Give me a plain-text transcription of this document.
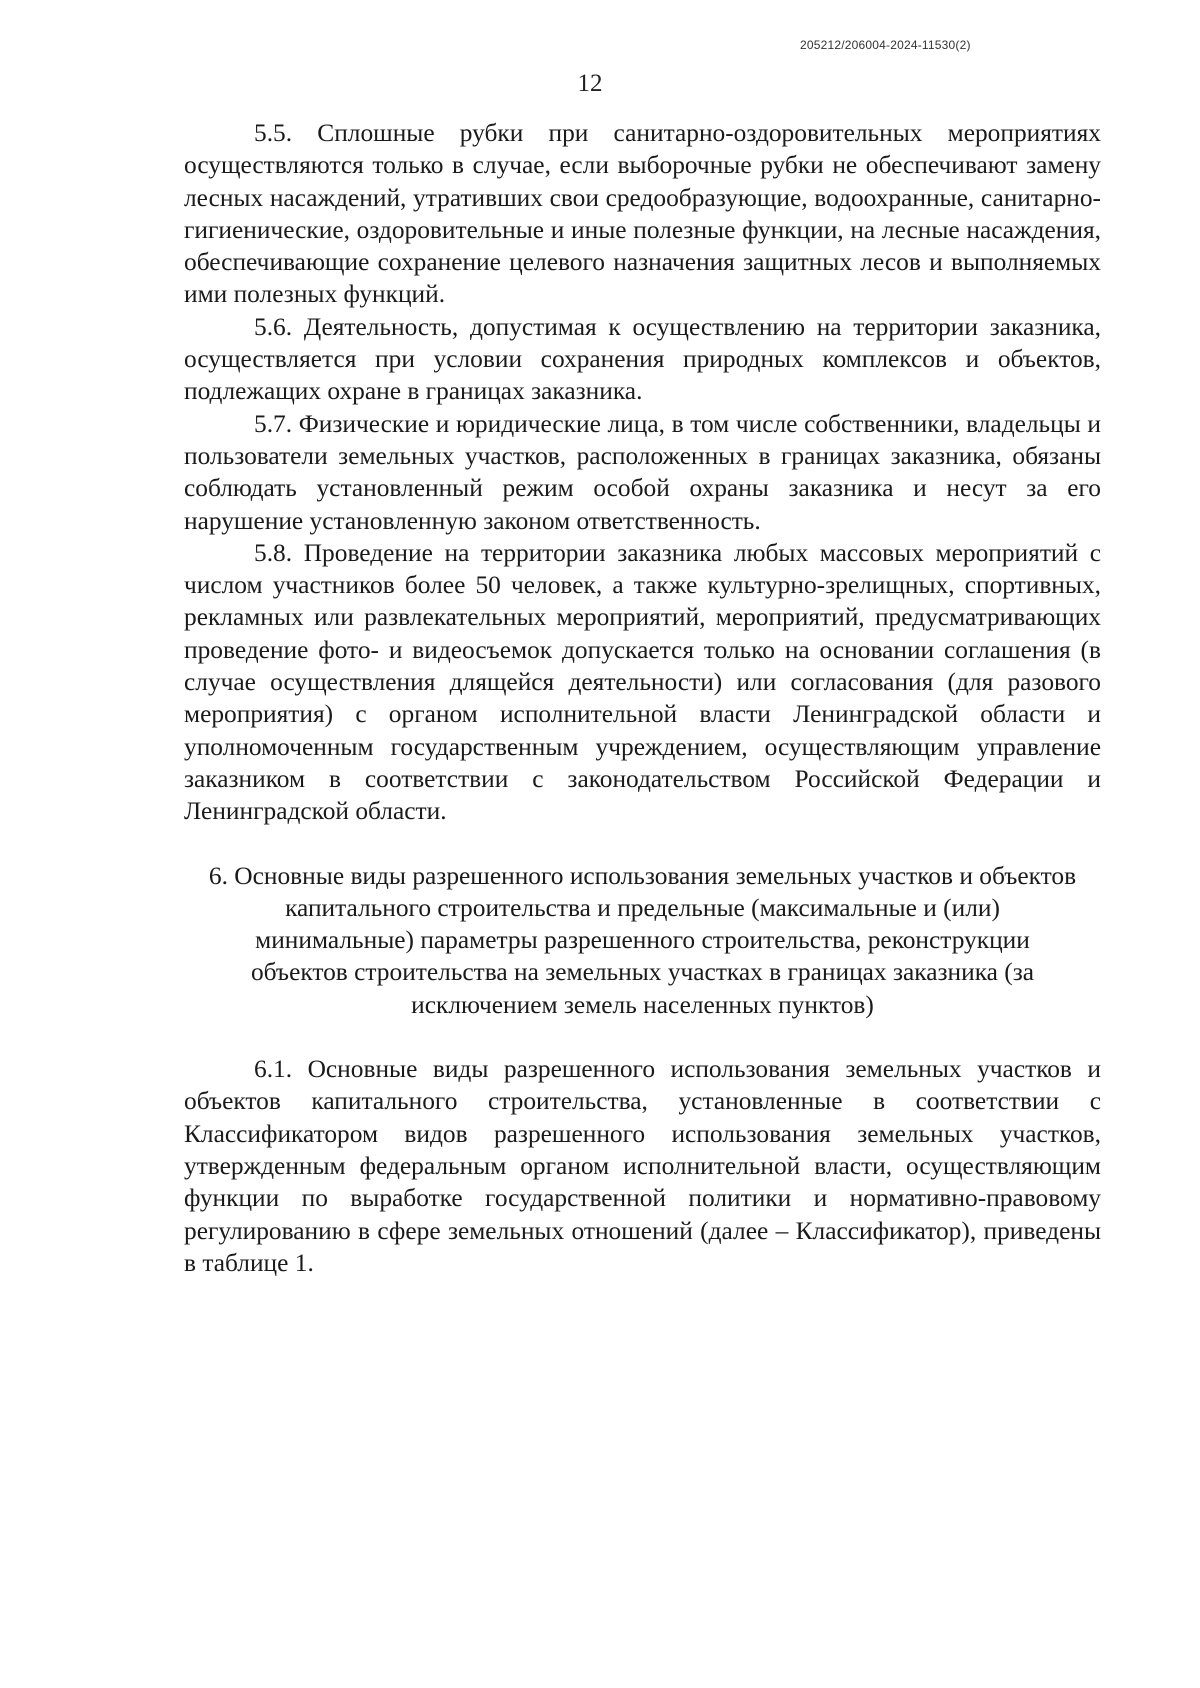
205212/206004-2024-11530(2)
12

5.5. Сплошные рубки при санитарно-оздоровительных мероприятиях осуществляются только в случае, если выборочные рубки не обеспечивают замену лесных насаждений, утративших свои средообразующие, водоохранные, санитарно-гигиенические, оздоровительные и иные полезные функции, на лесные насаждения, обеспечивающие сохранение целевого назначения защитных лесов и выполняемых ими полезных функций.

5.6. Деятельность, допустимая к осуществлению на территории заказника, осуществляется при условии сохранения природных комплексов и объектов, подлежащих охране в границах заказника.

5.7. Физические и юридические лица, в том числе собственники, владельцы и пользователи земельных участков, расположенных в границах заказника, обязаны соблюдать установленный режим особой охраны заказника и несут за его нарушение установленную законом ответственность.

5.8. Проведение на территории заказника любых массовых мероприятий с числом участников более 50 человек, а также культурно-зрелищных, спортивных, рекламных или развлекательных мероприятий, мероприятий, предусматривающих проведение фото- и видеосъемок допускается только на основании соглашения (в случае осуществления длящейся деятельности) или согласования (для разового мероприятия) с органом исполнительной власти Ленинградской области и уполномоченным государственным учреждением, осуществляющим управление заказником в соответствии с законодательством Российской Федерации и Ленинградской области.

6. Основные виды разрешенного использования земельных участков и объектов капитального строительства и предельные (максимальные и (или) минимальные) параметры разрешенного строительства, реконструкции объектов строительства на земельных участках в границах заказника (за исключением земель населенных пунктов)

6.1. Основные виды разрешенного использования земельных участков и объектов капитального строительства, установленные в соответствии с Классификатором видов разрешенного использования земельных участков, утвержденным федеральным органом исполнительной власти, осуществляющим функции по выработке государственной политики и нормативно-правовому регулированию в сфере земельных отношений (далее – Классификатор), приведены в таблице 1.
